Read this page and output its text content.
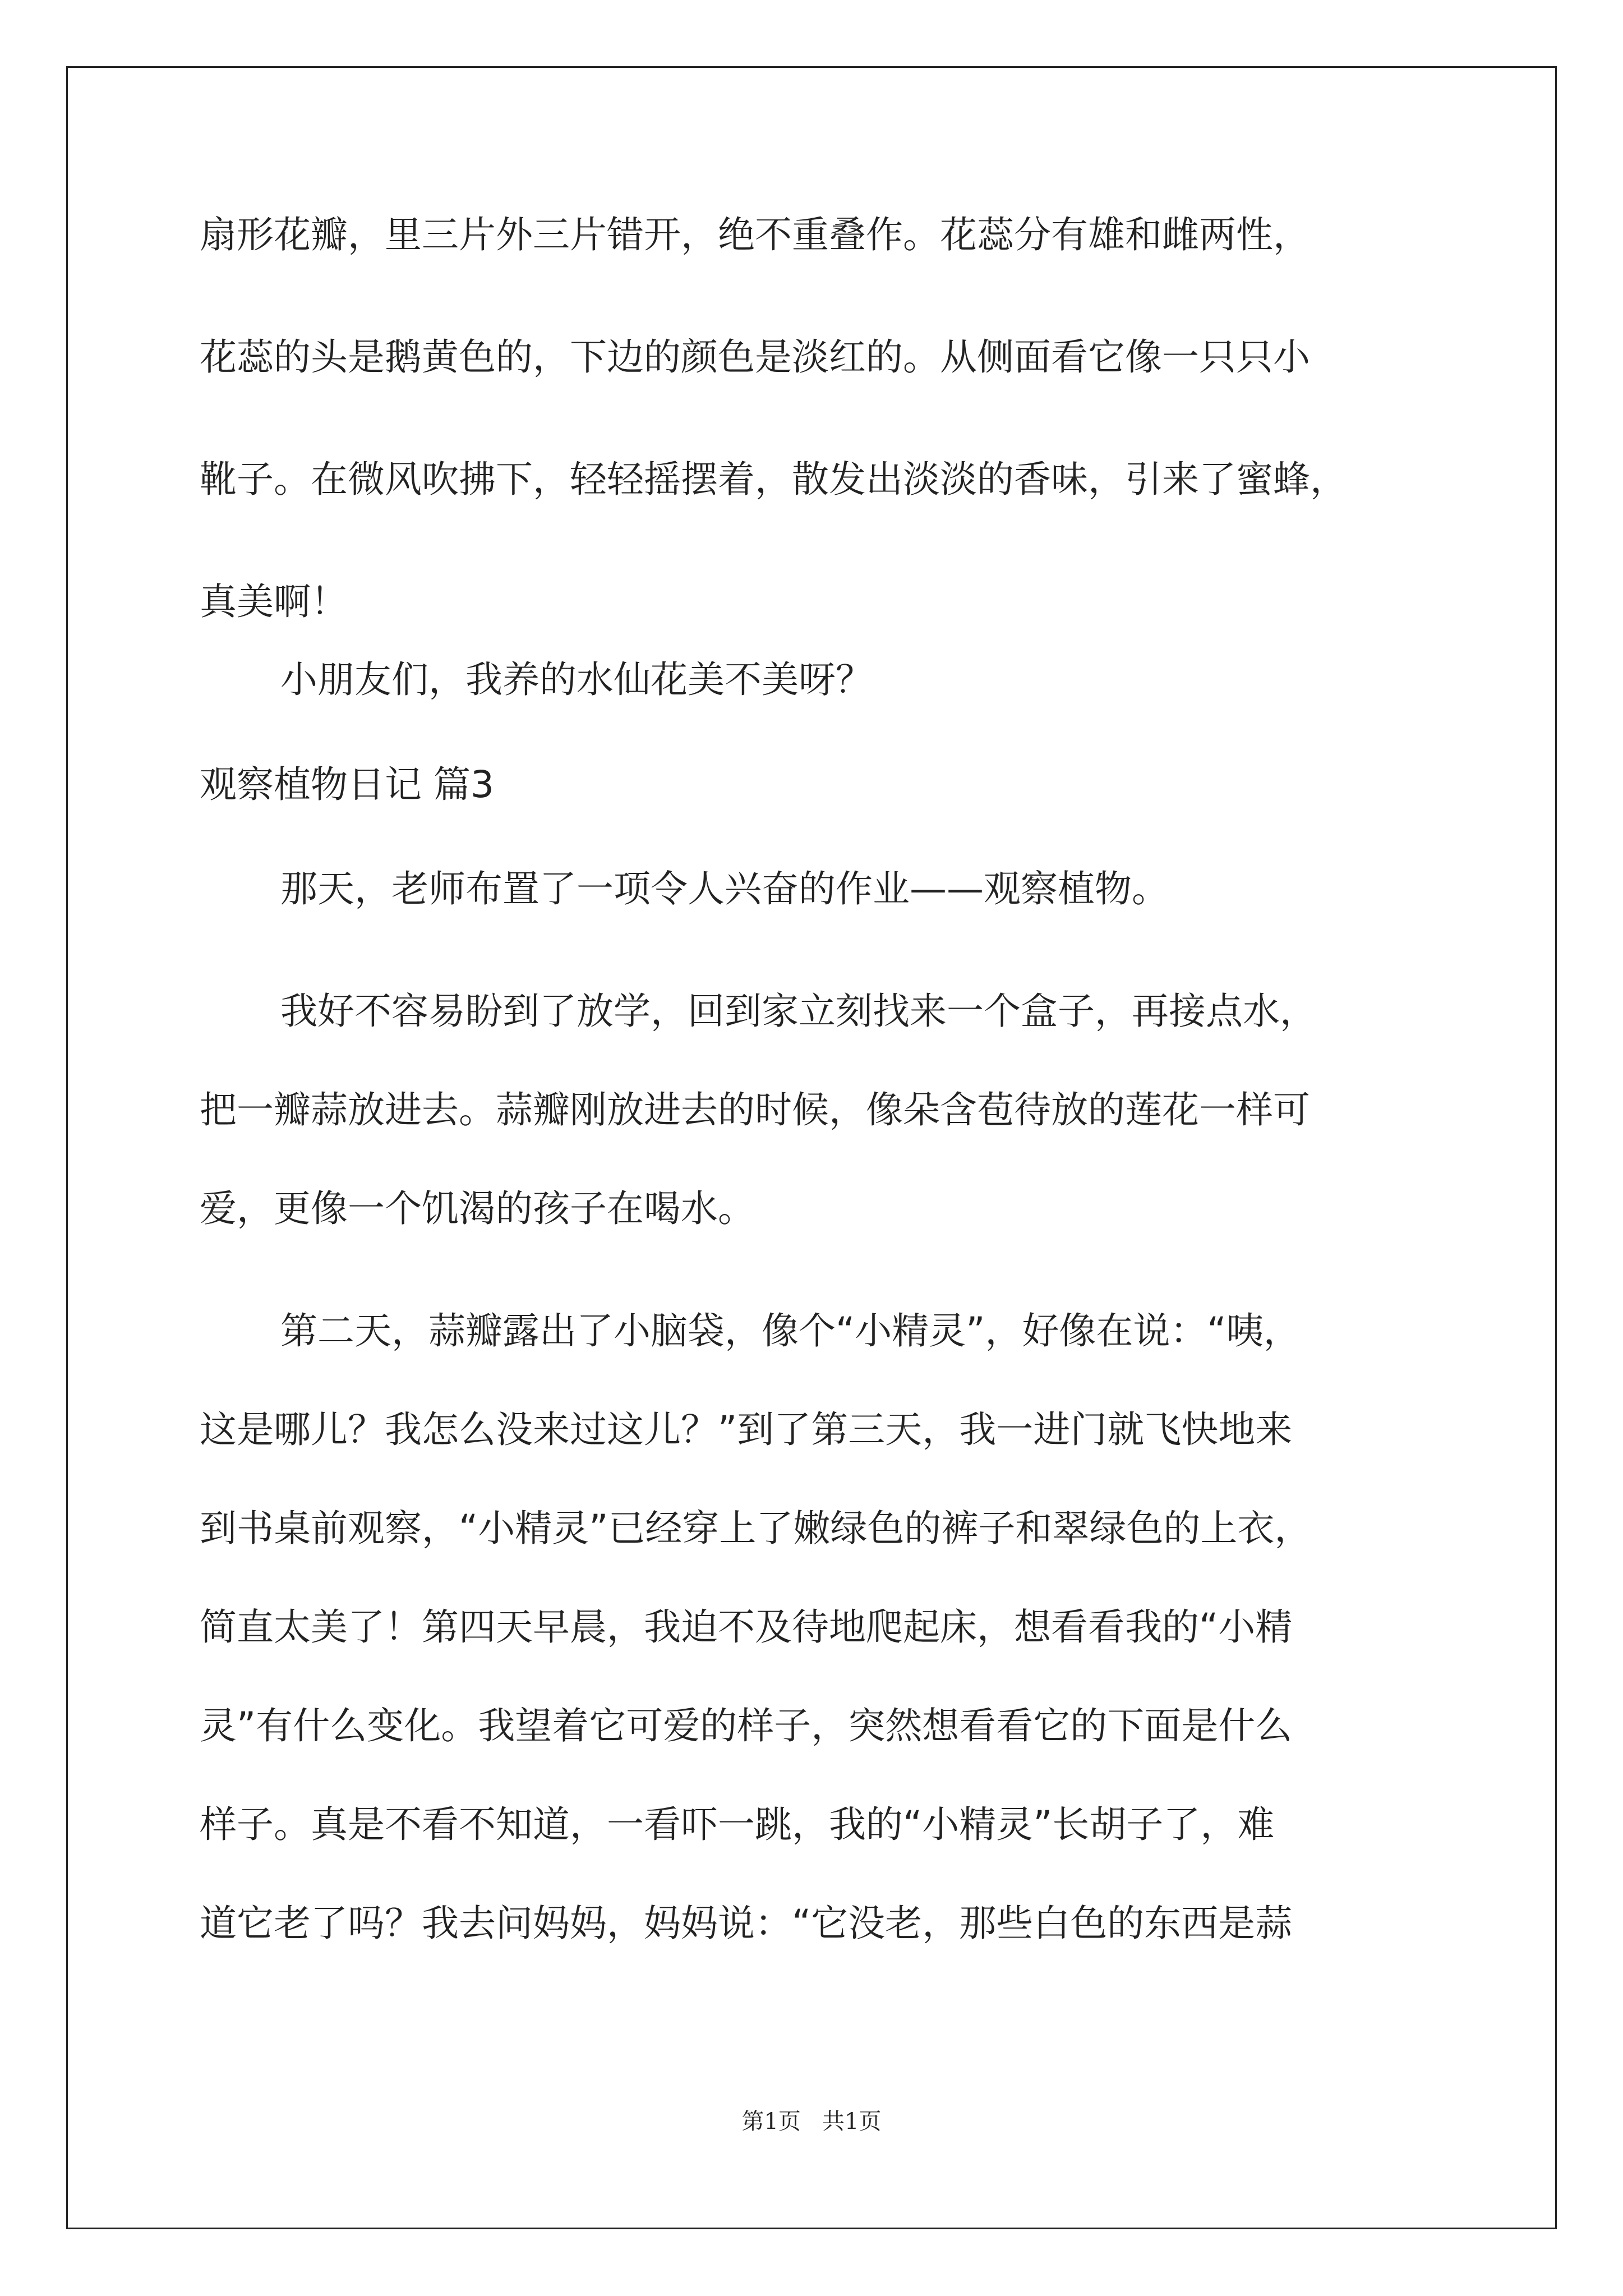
扇形花瓣，里三片外三片错开，绝不重叠作。花蕊分有雄和雌两性，

花蕊的头是鹅黄色的，下边的颜色是淡红的。从侧面看它像一只只小

靴子。在微风吹拂下，轻轻摇摆着，散发出淡淡的香味，引来了蜜蜂，

真美啊！

小朋友们，我养的水仙花美不美呀？

观察植物日记 篇3

那天，老师布置了一项令人兴奋的作业——观察植物。

我好不容易盼到了放学，回到家立刻找来一个盒子，再接点水，

把一瓣蒜放进去。蒜瓣刚放进去的时候，像朵含苞待放的莲花一样可

爱，更像一个饥渴的孩子在喝水。

第二天，蒜瓣露出了小脑袋，像个“小精灵”，好像在说：“咦，

这是哪儿？我怎么没来过这儿？”到了第三天，我一进门就飞快地来

到书桌前观察，“小精灵”已经穿上了嫩绿色的裤子和翠绿色的上衣，

简直太美了！第四天早晨，我迫不及待地爬起床，想看看我的“小精

灵”有什么变化。我望着它可爱的样子，突然想看看它的下面是什么

样子。真是不看不知道，一看吓一跳，我的“小精灵”长胡子了，难

道它老了吗？我去问妈妈，妈妈说：“它没老，那些白色的东西是蒜

第1页   共1页
